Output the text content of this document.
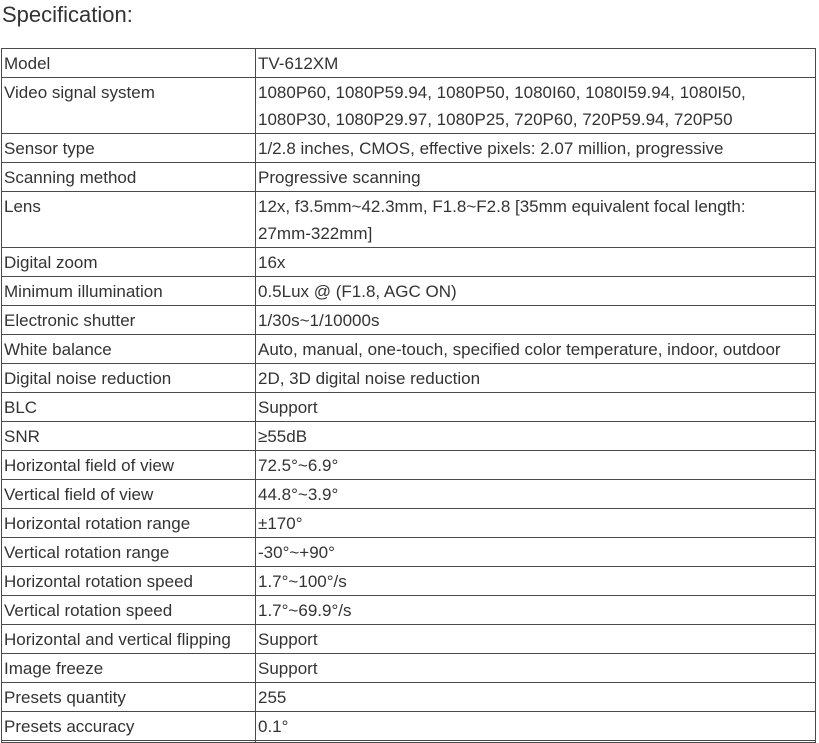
Specification:
Model	TV-612XM
Video signal system	1080P60, 1080P59.94, 1080P50, 1080I60, 1080I59.94, 1080I50,
1080P30, 1080P29.97, 1080P25, 720P60, 720P59.94, 720P50
Sensor type	1/2.8 inches, CMOS, effective pixels: 2.07 million, progressive
Scanning method	Progressive scanning
Lens	12x, f3.5mm~42.3mm, F1.8~F2.8 [35mm equivalent focal length:
27mm-322mm]
Digital zoom	16x
Minimum illumination	0.5Lux @ (F1.8, AGC ON)
Electronic shutter	1/30s~1/10000s
White balance	Auto, manual, one-touch, specified color temperature, indoor, outdoor
Digital noise reduction	2D, 3D digital noise reduction
BLC	Support
SNR	≥55dB
Horizontal field of view	72.5°~6.9°
Vertical field of view	44.8°~3.9°
Horizontal rotation range	±170°
Vertical rotation range	-30°~+90°
Horizontal rotation speed	1.7°~100°/s
Vertical rotation speed	1.7°~69.9°/s
Horizontal and vertical flipping	Support
Image freeze	Support
Presets quantity	255
Presets accuracy	0.1°
